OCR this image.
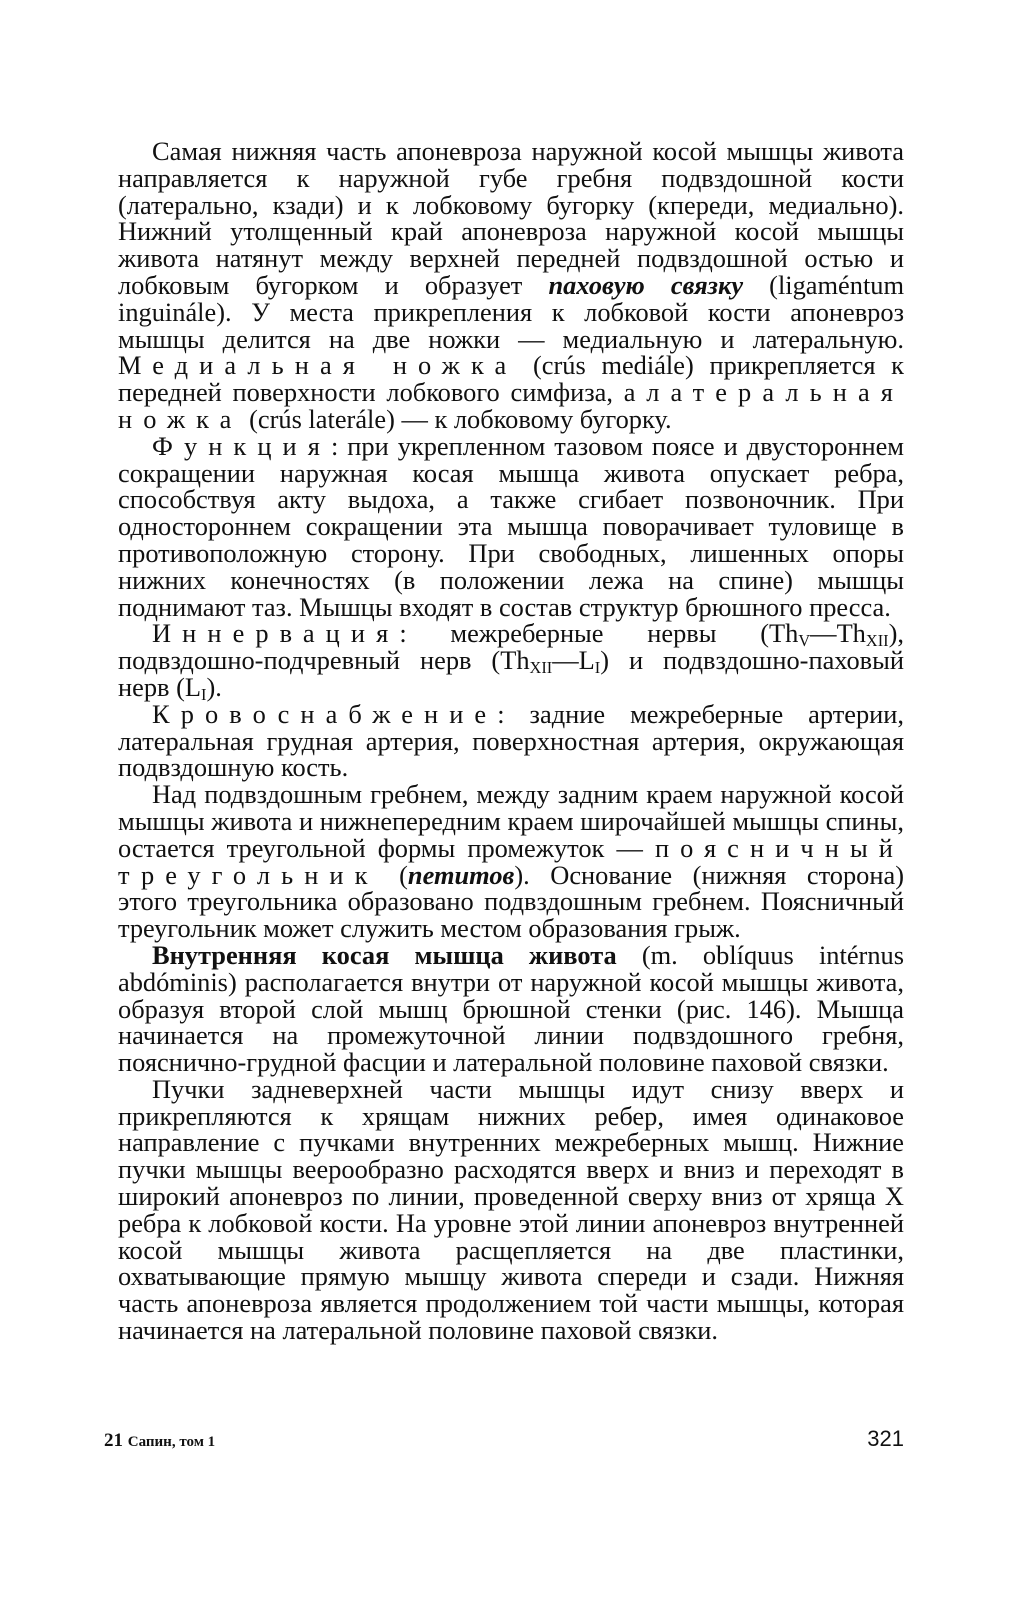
Самая нижняя часть апоневроза наружной косой мышцы живота направляется к наружной губе гребня подвздошной кости (латерально, кзади) и к лобковому бугорку (кпереди, медиально). Нижний утолщенный край апоневроза наружной косой мышцы живота натянут между верхней передней подвздошной остью и лобковым бугорком и образует паховую связку (ligaméntum inguinále). У места прикрепления к лобковой кости апоневроз мышцы делится на две ножки — медиальную и латеральную. Медиальная ножка (crús mediále) прикрепляется к передней поверхности лобкового симфиза, а латеральная ножка (crús laterále) — к лобковому бугорку.

Функция: при укрепленном тазовом поясе и двустороннем сокращении наружная косая мышца живота опускает ребра, способствуя акту выдоха, а также сгибает позвоночник. При одностороннем сокращении эта мышца поворачивает туловище в противоположную сторону. При свободных, лишенных опоры нижних конечностях (в положении лежа на спине) мышцы поднимают таз. Мышцы входят в состав структур брюшного пресса.

Иннервация: межреберные нервы $(Th_V—Th_{XII})$, подвздошно-подчревный нерв $(Th_{XII}—L_I)$ и подвздошно-паховый нерв $(L_I)$.

Кровоснабжение: задние межреберные артерии, латеральная грудная артерия, поверхностная артерия, окружающая подвздошную кость.

Над подвздошным гребнем, между задним краем наружной косой мышцы живота и нижнепередним краем широчайшей мышцы спины, остается треугольной формы промежуток — поясничный треугольник (петитов). Основание (нижняя сторона) этого треугольника образовано подвздошным гребнем. Поясничный треугольник может служить местом образования грыж.

Внутренняя косая мышца живота (m. oblíquus intérnus abdóminis) располагается внутри от наружной косой мышцы живота, образуя второй слой мышц брюшной стенки (рис. 146). Мышца начинается на промежуточной линии подвздошного гребня, пояснично-грудной фасции и латеральной половине паховой связки.

Пучки задневерхней части мышцы идут снизу вверх и прикрепляются к хрящам нижних ребер, имея одинаковое направление с пучками внутренних межреберных мышц. Нижние пучки мышцы веерообразно расходятся вверх и вниз и переходят в широкий апоневроз по линии, проведенной сверху вниз от хряща X ребра к лобковой кости. На уровне этой линии апоневроз внутренней косой мышцы живота расщепляется на две пластинки, охватывающие прямую мышцу живота спереди и сзади. Нижняя часть апоневроза является продолжением той части мышцы, которая начинается на латеральной половине паховой связки.

21 Сапин, том 1	321
